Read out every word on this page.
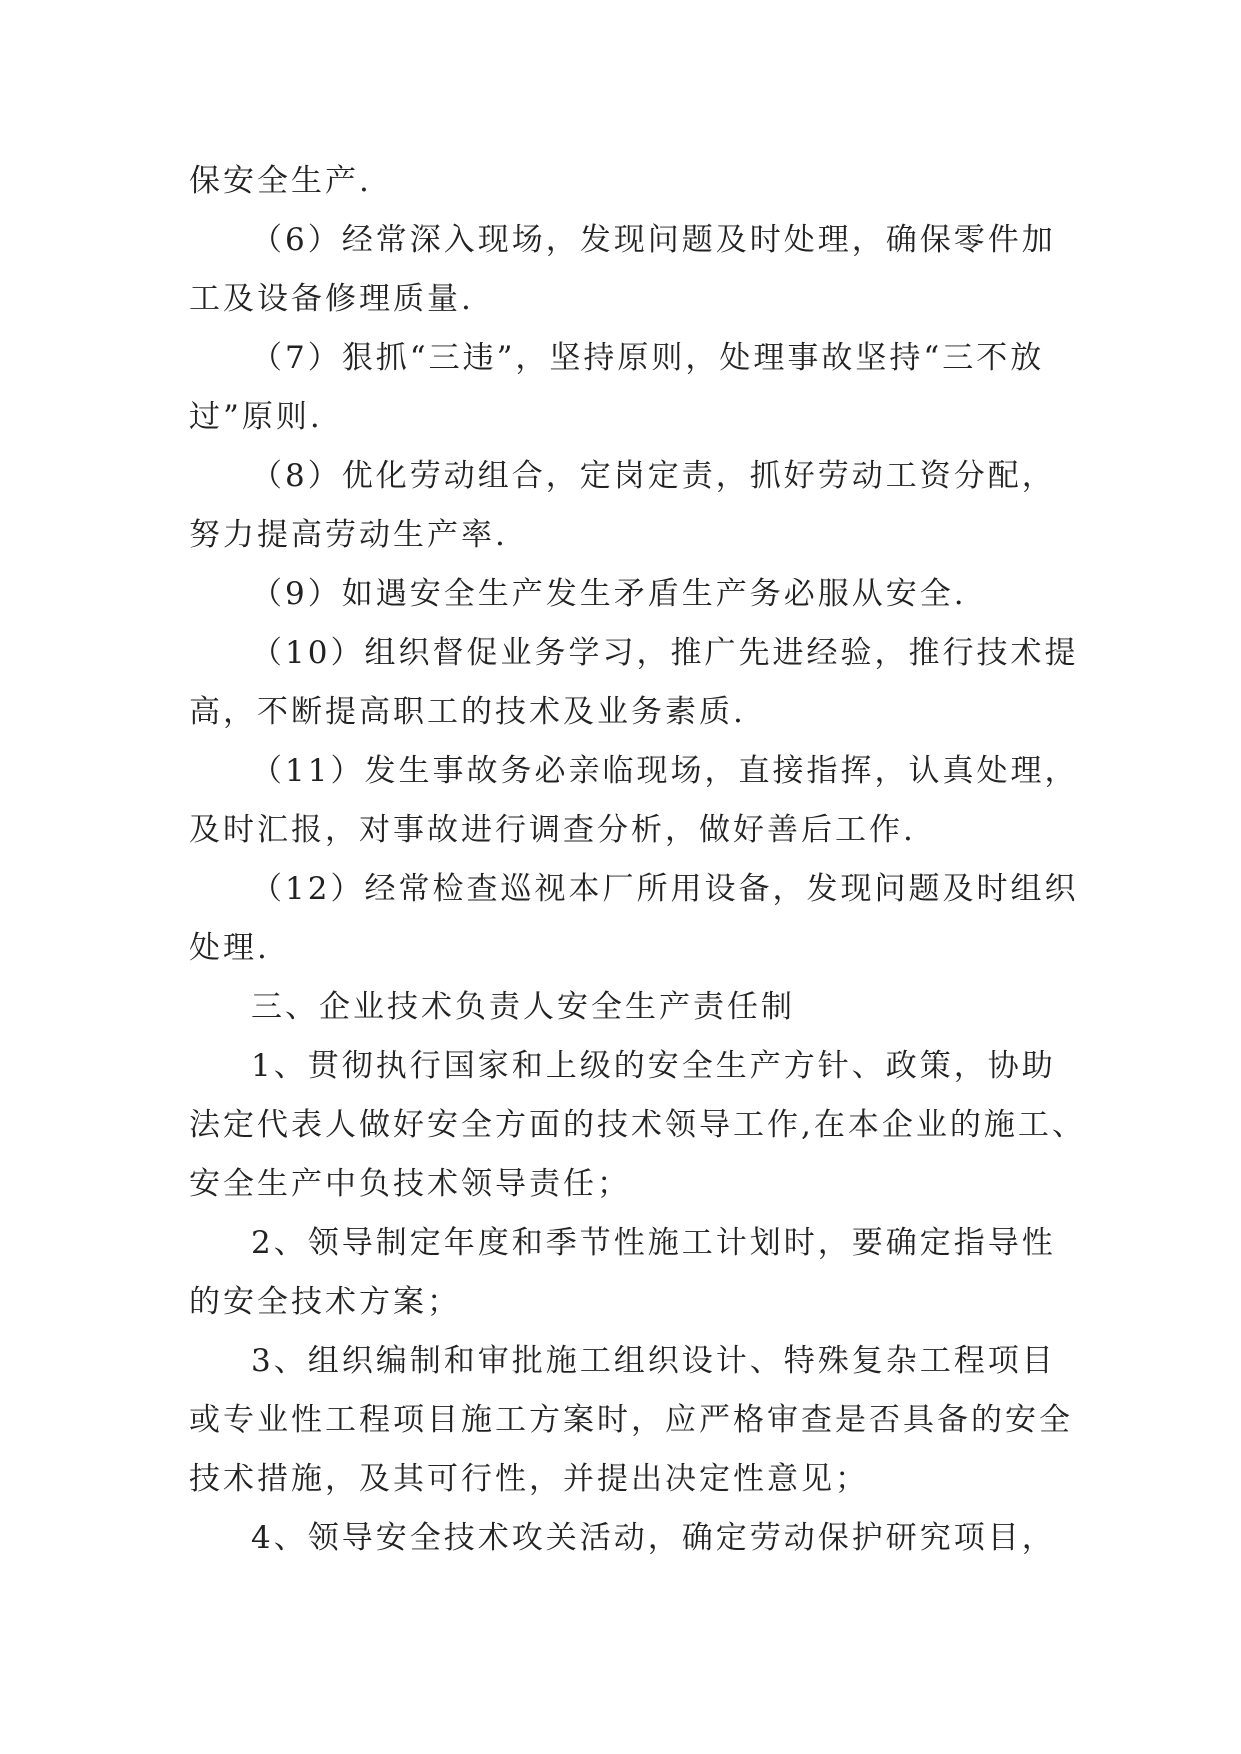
保安全生产.

（6）经常深入现场，发现问题及时处理，确保零件加

工及设备修理质量.

（7）狠抓“三违”，坚持原则，处理事故坚持“三不放

过”原则.

（8）优化劳动组合，定岗定责，抓好劳动工资分配，

努力提高劳动生产率.

（9）如遇安全生产发生矛盾生产务必服从安全.

（10）组织督促业务学习，推广先进经验，推行技术提

高，不断提高职工的技术及业务素质.

（11）发生事故务必亲临现场，直接指挥，认真处理，

及时汇报，对事故进行调查分析，做好善后工作.

（12）经常检查巡视本厂所用设备，发现问题及时组织

处理.

三、企业技术负责人安全生产责任制

1、贯彻执行国家和上级的安全生产方针、政策，协助

法定代表人做好安全方面的技术领导工作,在本企业的施工、

安全生产中负技术领导责任；

2、领导制定年度和季节性施工计划时，要确定指导性

的安全技术方案；

3、组织编制和审批施工组织设计、特殊复杂工程项目

或专业性工程项目施工方案时，应严格审查是否具备的安全

技术措施，及其可行性，并提出决定性意见；

4、领导安全技术攻关活动，确定劳动保护研究项目，
